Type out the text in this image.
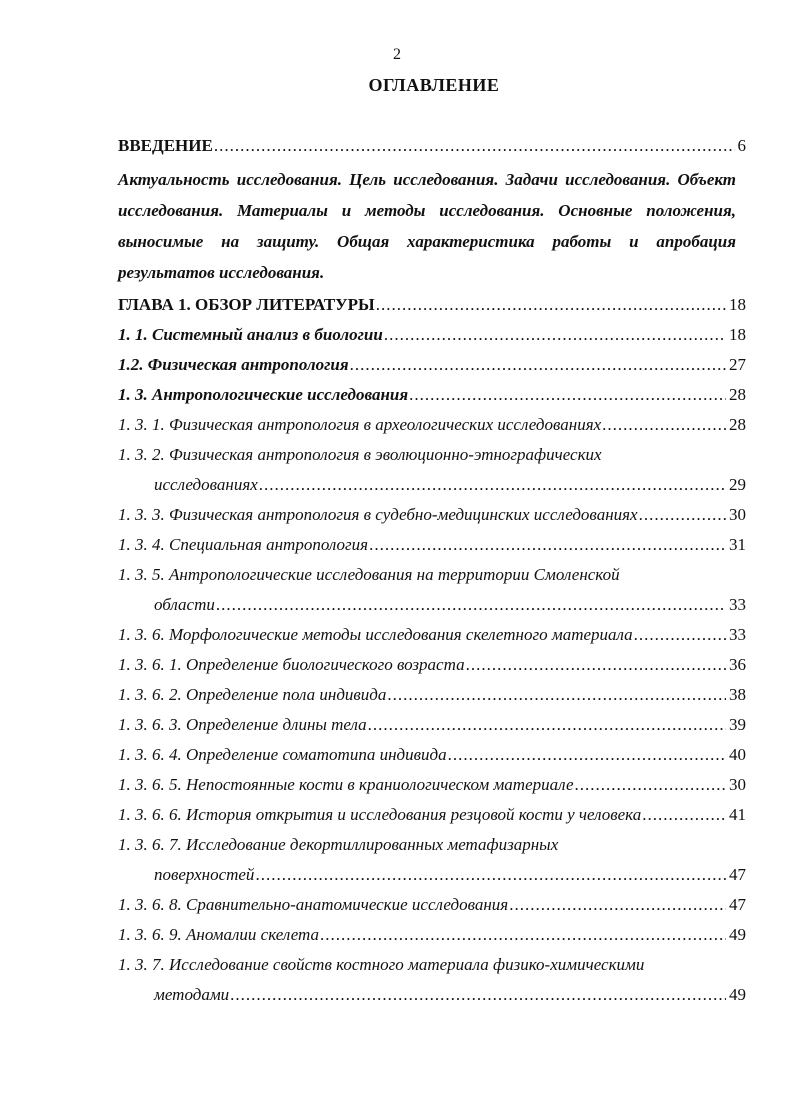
2
ОГЛАВЛЕНИЕ
ВВЕДЕНИЕ .....	6
Актуальность исследования. Цель исследования. Задачи исследования. Объект исследования. Материалы и методы исследования. Основные положения, выносимые на защиту. Общая характеристика работы и апробация результатов исследования.
ГЛАВА 1. ОБЗОР ЛИТЕРАТУРЫ .....	18
1. 1. Системный анализ в биологии .....	18
1.2. Физическая антропология .....	27
1. 3. Антропологические исследования .....	28
1. 3. 1. Физическая антропология в археологических исследованиях .....	28
1. 3. 2. Физическая антропология в эволюционно-этнографических
исследованиях .....	29
1. 3. 3. Физическая антропология в судебно-медицинских исследованиях .....	30
1. 3. 4. Специальная антропология .....	31
1. 3. 5. Антропологические исследования на территории Смоленской
области .....	33
1. 3. 6. Морфологические методы исследования скелетного материала .....	33
1. 3. 6. 1. Определение биологического возраста .....	36
1. 3. 6. 2. Определение пола индивида .....	38
1. 3. 6. 3. Определение длины тела .....	39
1. 3. 6. 4. Определение соматотипа индивида .....	40
1. 3. 6. 5. Непостоянные кости в краниологическом материале .....	30
1. 3. 6. 6. История открытия и исследования резцовой кости у человека .....	41
1. 3. 6. 7. Исследование декортиллированных метафизарных
поверхностей .....	47
1. 3. 6. 8. Сравнительно-анатомические исследования .....	47
1. 3. 6. 9. Аномалии скелета .....	49
1. 3. 7. Исследование свойств костного материала физико-химическими
методами .....	49
